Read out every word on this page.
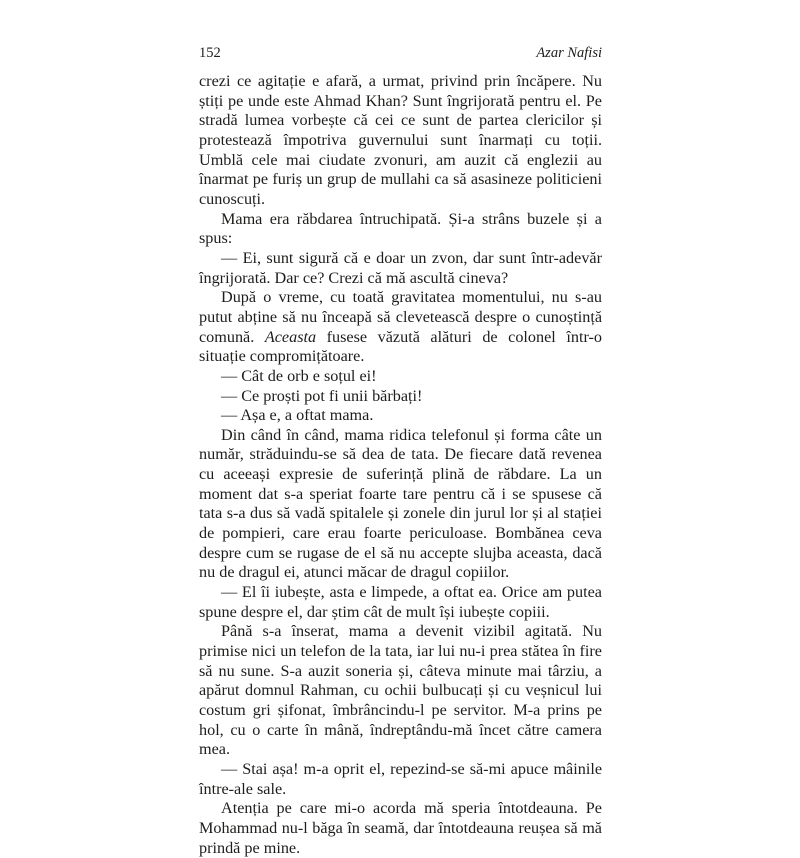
152	Azar Nafisi

crezi ce agitație e afară, a urmat, privind prin încăpere. Nu știți pe unde este Ahmad Khan? Sunt îngrijorată pentru el. Pe stradă lumea vorbește că cei ce sunt de partea clericilor și protestează împotriva guvernului sunt înarmați cu toții. Umblă cele mai ciudate zvonuri, am auzit că englezii au înarmat pe furiș un grup de mullahi ca să asasineze politicieni cunoscuți.

Mama era răbdarea întruchipată. Și-a strâns buzele și a spus:

— Ei, sunt sigură că e doar un zvon, dar sunt într-adevăr îngrijorată. Dar ce? Crezi că mă ascultă cineva?

După o vreme, cu toată gravitatea momentului, nu s-au putut abține să nu înceapă să clevetească despre o cunoștință comună. Aceasta fusese văzută alături de colonel într-o situație compromițătoare.

— Cât de orb e soțul ei!

— Ce proști pot fi unii bărbați!

— Așa e, a oftat mama.

Din când în când, mama ridica telefonul și forma câte un număr, străduindu-se să dea de tata. De fiecare dată revenea cu aceeași expresie de suferință plină de răbdare. La un moment dat s-a speriat foarte tare pentru că i se spusese că tata s-a dus să vadă spitalele și zonele din jurul lor și al stației de pompieri, care erau foarte periculoase. Bombănea ceva despre cum se rugase de el să nu accepte slujba aceasta, dacă nu de dragul ei, atunci măcar de dragul copiilor.

— El îi iubește, asta e limpede, a oftat ea. Orice am putea spune despre el, dar știm cât de mult își iubește copiii.

Până s-a înserat, mama a devenit vizibil agitată. Nu primise nici un telefon de la tata, iar lui nu-i prea stătea în fire să nu sune. S-a auzit soneria și, câteva minute mai târziu, a apărut domnul Rahman, cu ochii bulbucați și cu veșnicul lui costum gri șifonat, îmbrâncindu-l pe servitor. M-a prins pe hol, cu o carte în mână, îndreptându-mă încet către camera mea.

— Stai așa! m-a oprit el, repezind-se să-mi apuce mâinile între-ale sale.

Atenția pe care mi-o acorda mă speria întotdeauna. Pe Mohammad nu-l băga în seamă, dar întotdeauna reușea să mă prindă pe mine.
